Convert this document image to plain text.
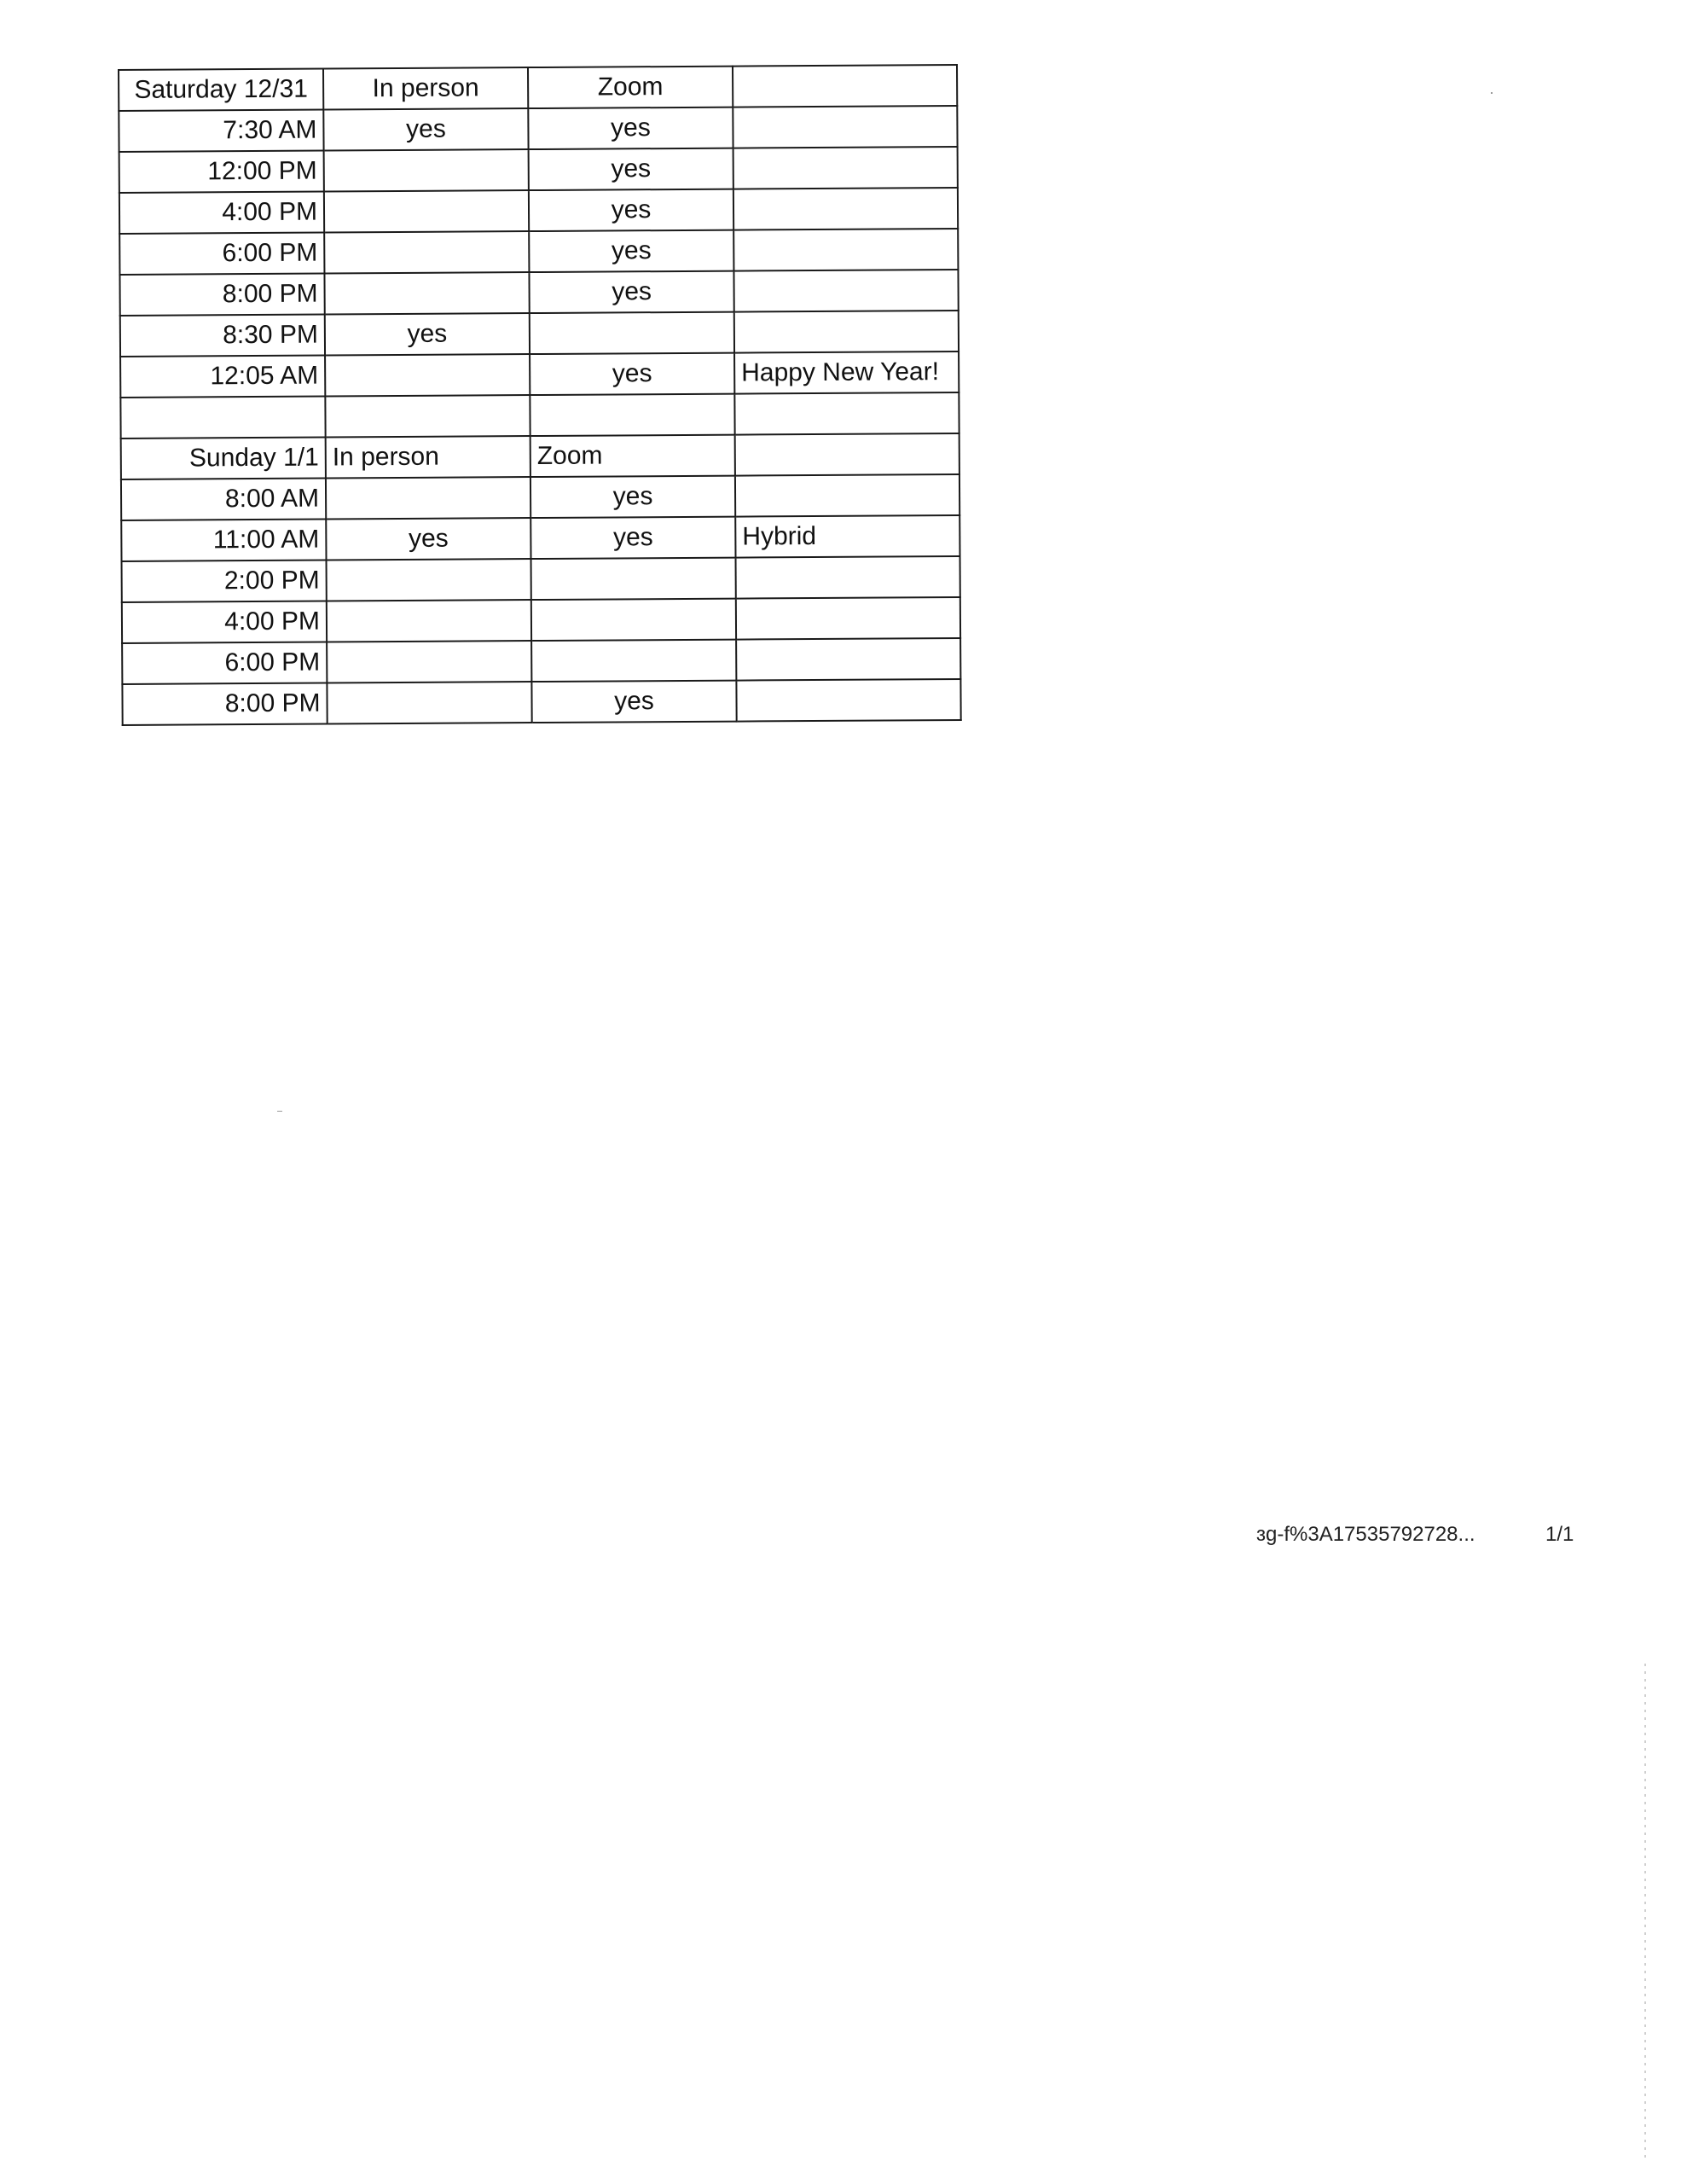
Saturday 12/31	In person	Zoom	
7:30 AM	yes	yes	
12:00 PM		yes	
4:00 PM		yes	
6:00 PM		yes	
8:00 PM		yes	
8:30 PM	yes		
12:05 AM		yes	Happy New Year!

Sunday 1/1	In person	Zoom	
8:00 AM		yes	
11:00 AM	yes	yes	Hybrid
2:00 PM			
4:00 PM			
6:00 PM			
8:00 PM		yes	
ɜg-f%3A17535792728...	1/1
